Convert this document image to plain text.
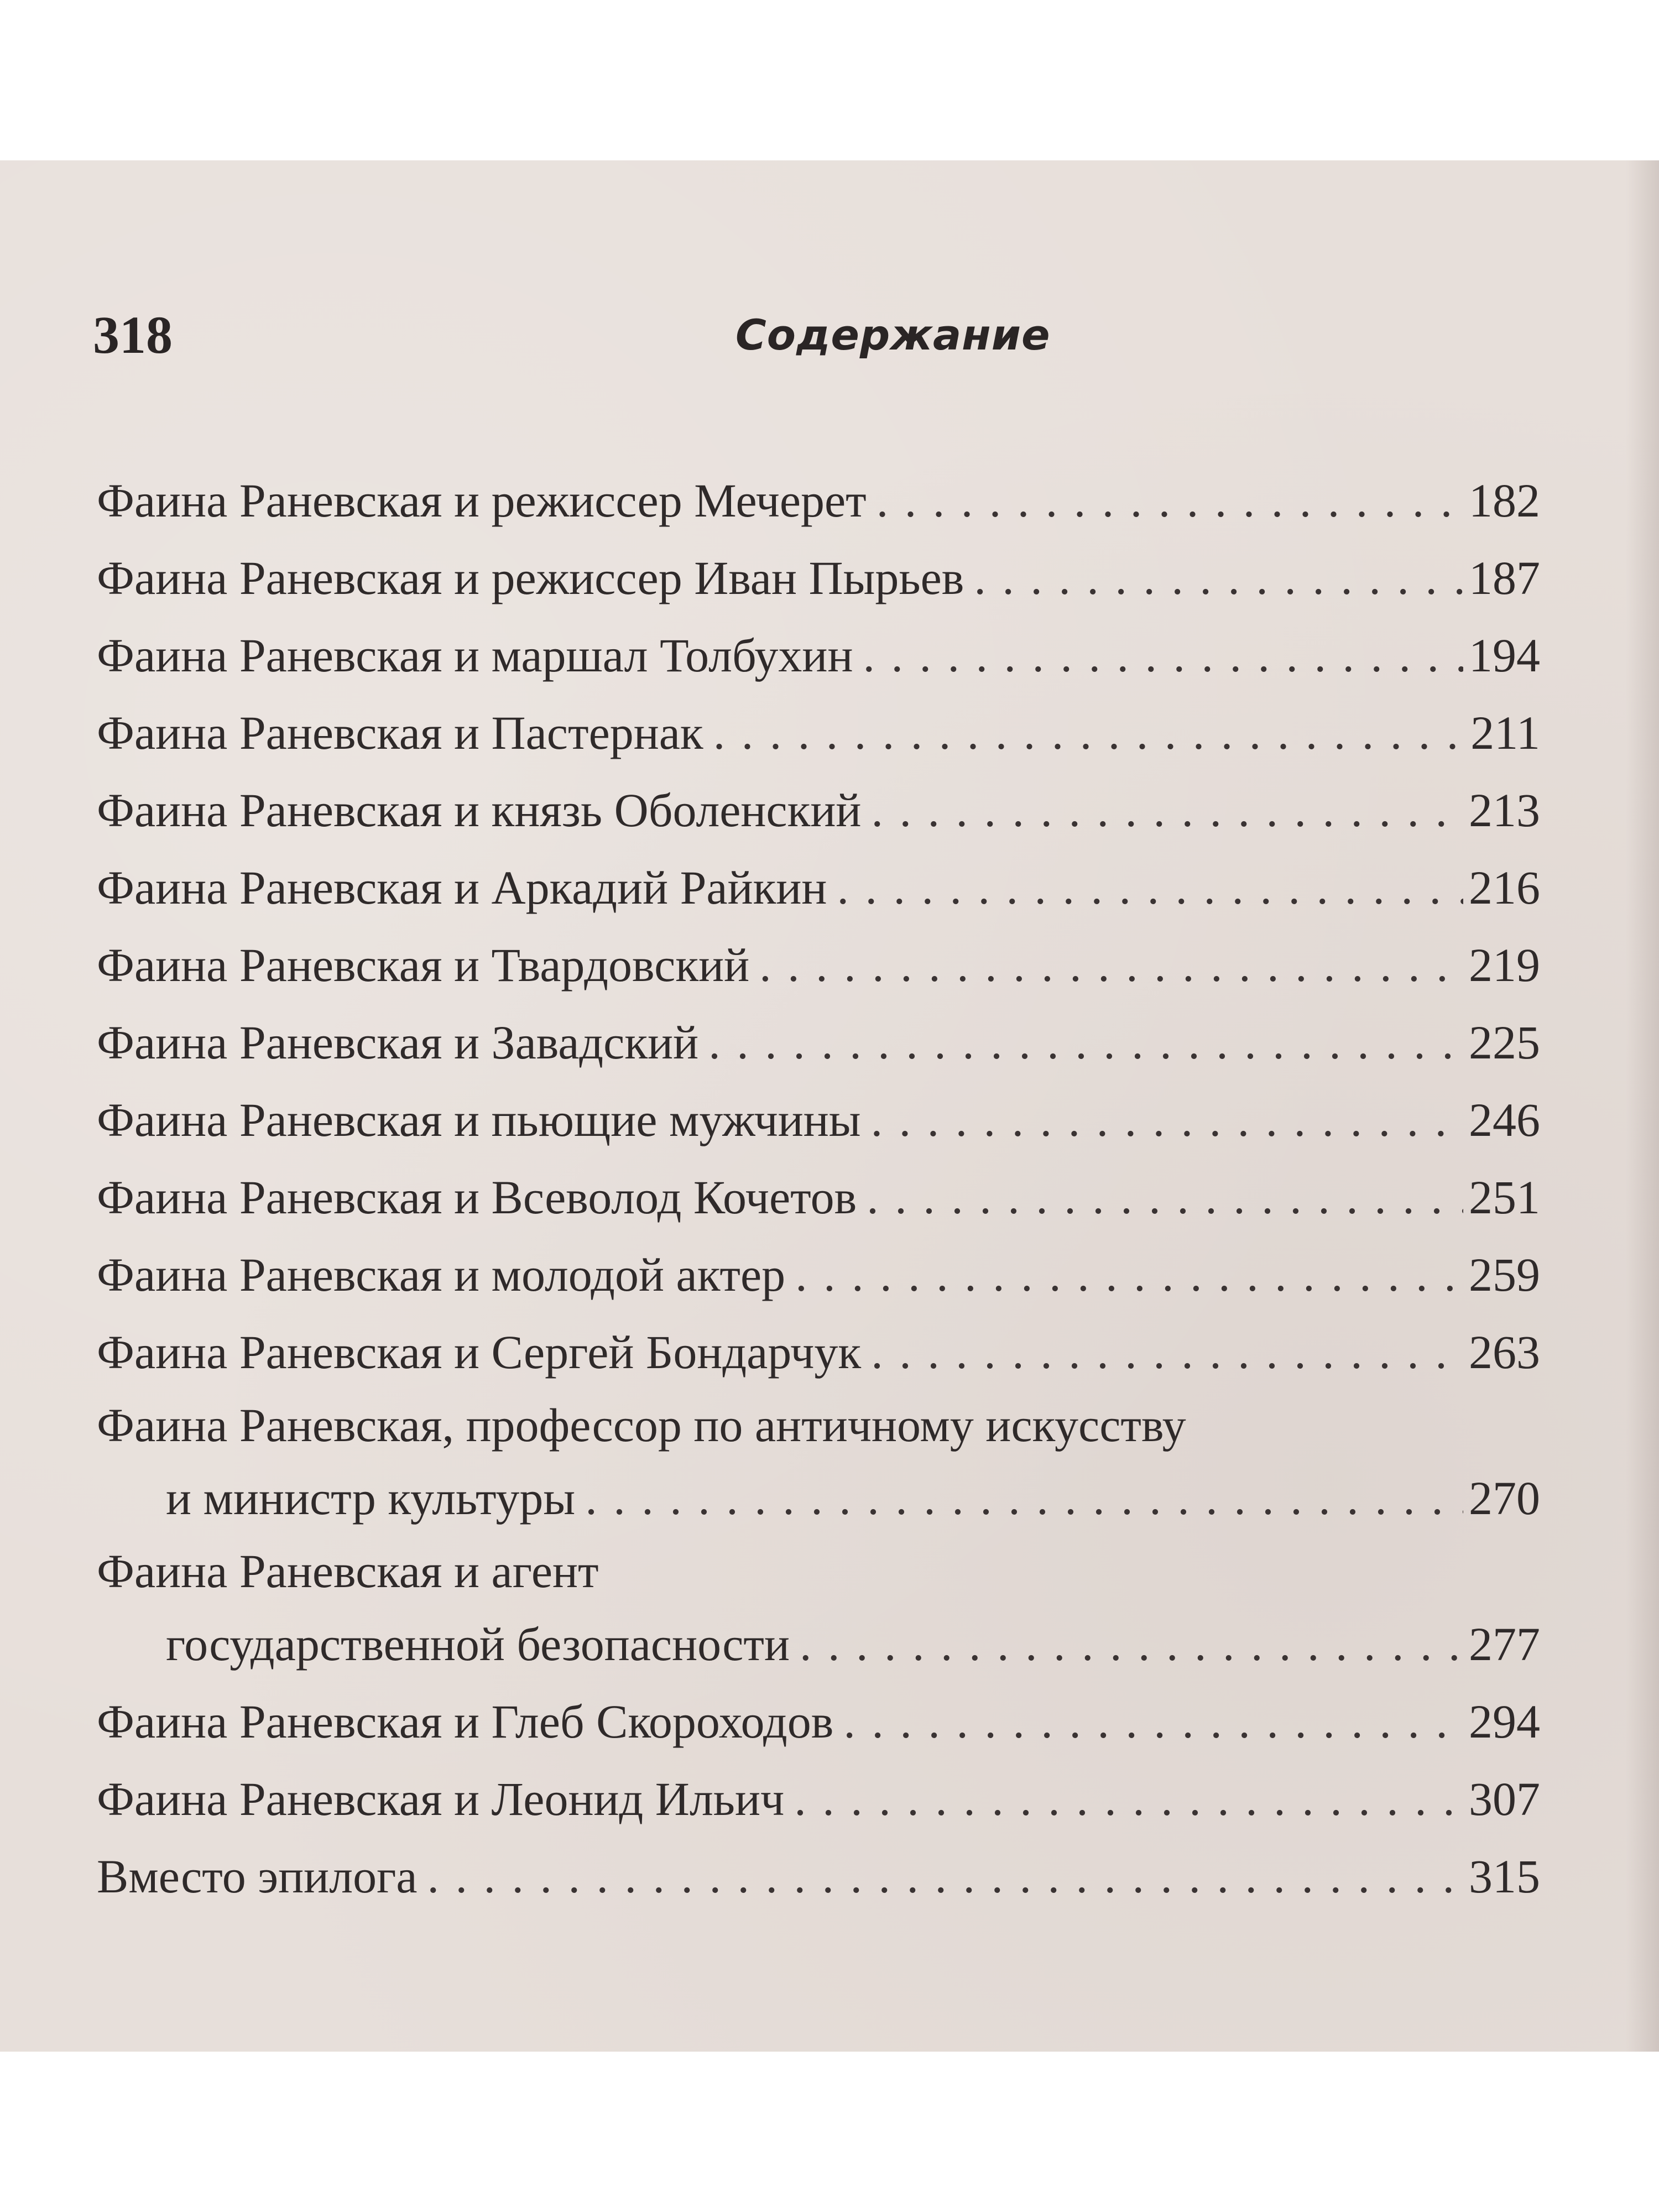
318	Содержание
Фаина Раневская и режиссер Мечерет . . .	182
Фаина Раневская и режиссер Иван Пырьев . . .	187
Фаина Раневская и маршал Толбухин . . .	194
Фаина Раневская и Пастернак . . .	211
Фаина Раневская и князь Оболенский . . .	213
Фаина Раневская и Аркадий Райкин . . .	216
Фаина Раневская и Твардовский . . .	219
Фаина Раневская и Завадский . . .	225
Фаина Раневская и пьющие мужчины . . .	246
Фаина Раневская и Всеволод Кочетов . . .	251
Фаина Раневская и молодой актер . . .	259
Фаина Раневская и Сергей Бондарчук . . .	263
Фаина Раневская, профессор по античному искусству
и министр культуры . . .	270
Фаина Раневская и агент
государственной безопасности . . .	277
Фаина Раневская и Глеб Скороходов . . .	294
Фаина Раневская и Леонид Ильич . . .	307
Вместо эпилога . . .	315
